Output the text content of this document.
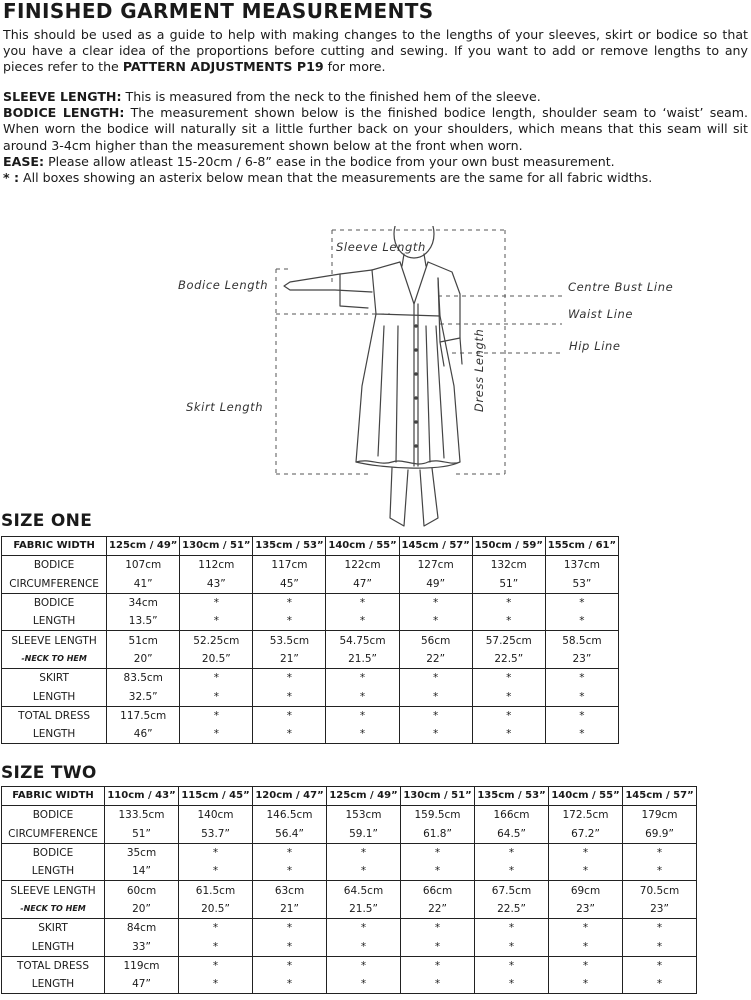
FINISHED GARMENT MEASUREMENTS

This should be used as a guide to help with making changes to the lengths of your sleeves, skirt or bodice so that you have a clear idea of the proportions before cutting and sewing. If you want to add or remove lengths to any pieces refer to the PATTERN ADJUSTMENTS P19 for more.

SLEEVE LENGTH: This is measured from the neck to the finished hem of the sleeve.

BODICE LENGTH: The measurement shown below is the finished bodice length, shoulder seam to ‘waist’ seam. When worn the bodice will naturally sit a little further back on your shoulders, which means that this seam will sit around 3-4cm higher than the measurement shown below at the front when worn.

EASE: Please allow atleast 15-20cm / 6-8” ease in the bodice from your own bust measurement.

* : All boxes showing an asterix below mean that the measurements are the same for all fabric widths.

Sleeve Length
Bodice Length	Centre Bust Line
Waist Line
Hip Line
Skirt Length	Dress Length
SIZE ONE
FABRIC WIDTH	125cm / 49”	130cm / 51”	135cm / 53”	140cm / 55”	145cm / 57”	150cm / 59”	155cm / 61”
BODICE	107cm	112cm	117cm	122cm	127cm	132cm	137cm
CIRCUMFERENCE	41”	43”	45”	47”	49”	51”	53”
BODICE	34cm	*	*	*	*	*	*
LENGTH	13.5”	*	*	*	*	*	*
SLEEVE LENGTH	51cm	52.25cm	53.5cm	54.75cm	56cm	57.25cm	58.5cm
-NECK TO HEM	20”	20.5”	21”	21.5”	22”	22.5”	23”
SKIRT	83.5cm	*	*	*	*	*	*
LENGTH	32.5”	*	*	*	*	*	*
TOTAL DRESS	117.5cm	*	*	*	*	*	*
LENGTH	46”	*	*	*	*	*	*
SIZE TWO
FABRIC WIDTH	110cm / 43”	115cm / 45”	120cm / 47”	125cm / 49”	130cm / 51”	135cm / 53”	140cm / 55”	145cm / 57”
BODICE	133.5cm	140cm	146.5cm	153cm	159.5cm	166cm	172.5cm	179cm
CIRCUMFERENCE	51”	53.7”	56.4”	59.1”	61.8”	64.5”	67.2”	69.9”
BODICE	35cm	*	*	*	*	*	*	*
LENGTH	14”	*	*	*	*	*	*	*
SLEEVE LENGTH	60cm	61.5cm	63cm	64.5cm	66cm	67.5cm	69cm	70.5cm
-NECK TO HEM	20”	20.5”	21”	21.5”	22”	22.5”	23”	23”
SKIRT	84cm	*	*	*	*	*	*	*
LENGTH	33”	*	*	*	*	*	*	*
TOTAL DRESS	119cm	*	*	*	*	*	*	*
LENGTH	47”	*	*	*	*	*	*	*
